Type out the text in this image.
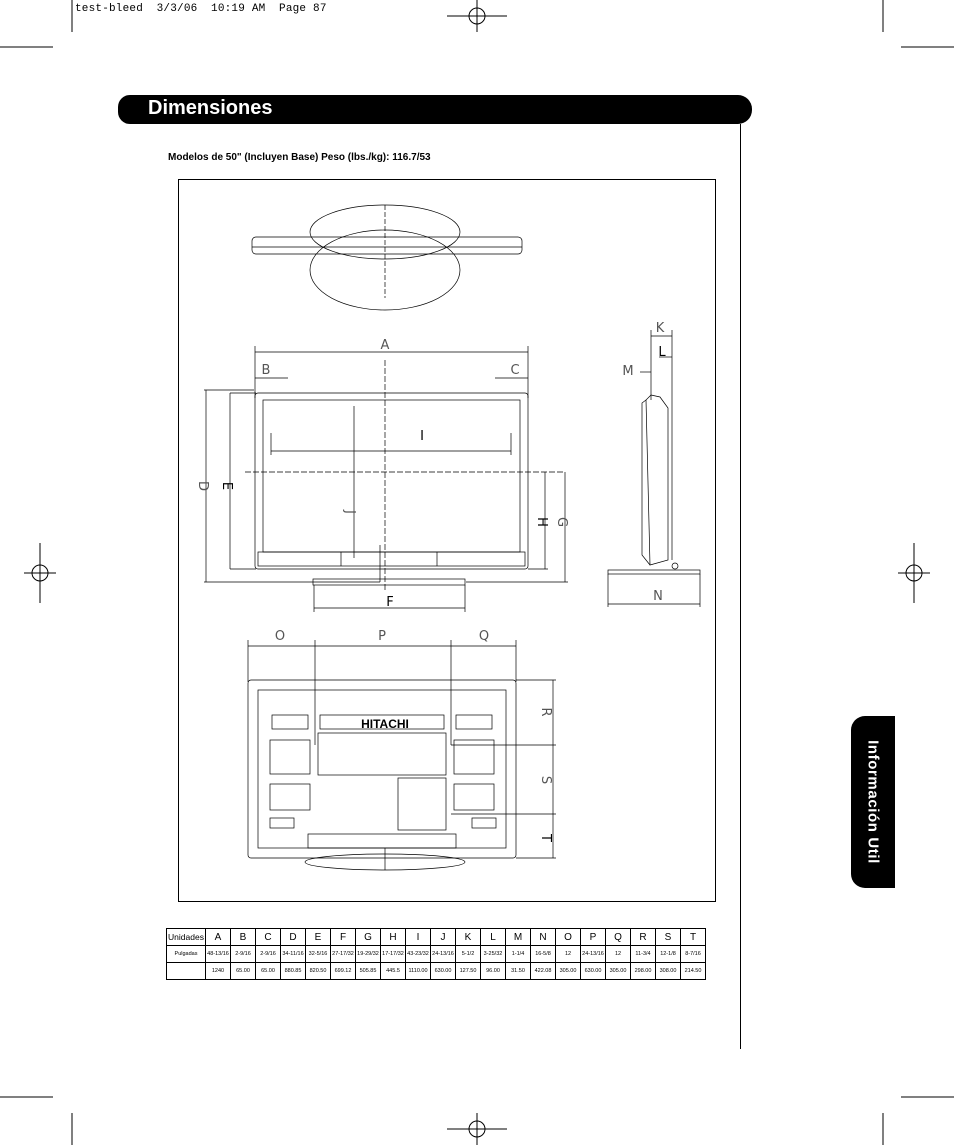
test-bleed  3/3/06  10:19 AM  Page 87
Dimensiones
Información Util
Modelos de 50" (Incluyen Base) Peso (lbs./kg): 116.7/53
HITACHI
A
B	C
D E
F
G
H
I
J
K
L
M
N
O	P	Q
R
S
T
Unidades	A	B	C	D	E	F	G	H	I	J	K	L	M	N	O	P	Q	R	S	T
Pulgadas	48-13/16	2-9/16	2-9/16	34-11/16	32-5/16	27-17/32	19-29/32	17-17/32	43-23/32	24-13/16	5-1/2	3-25/32	1-1/4	16-5/8	12	24-13/16	12	11-3/4	12-1/8	8-7/16
	1240	65.00	65.00	880.85	820.50	699.12	505.85	445.5	1110.00	630.00	127.50	96.00	31.50	422.08	305.00	630.00	305.00	298.00	308.00	214.50
